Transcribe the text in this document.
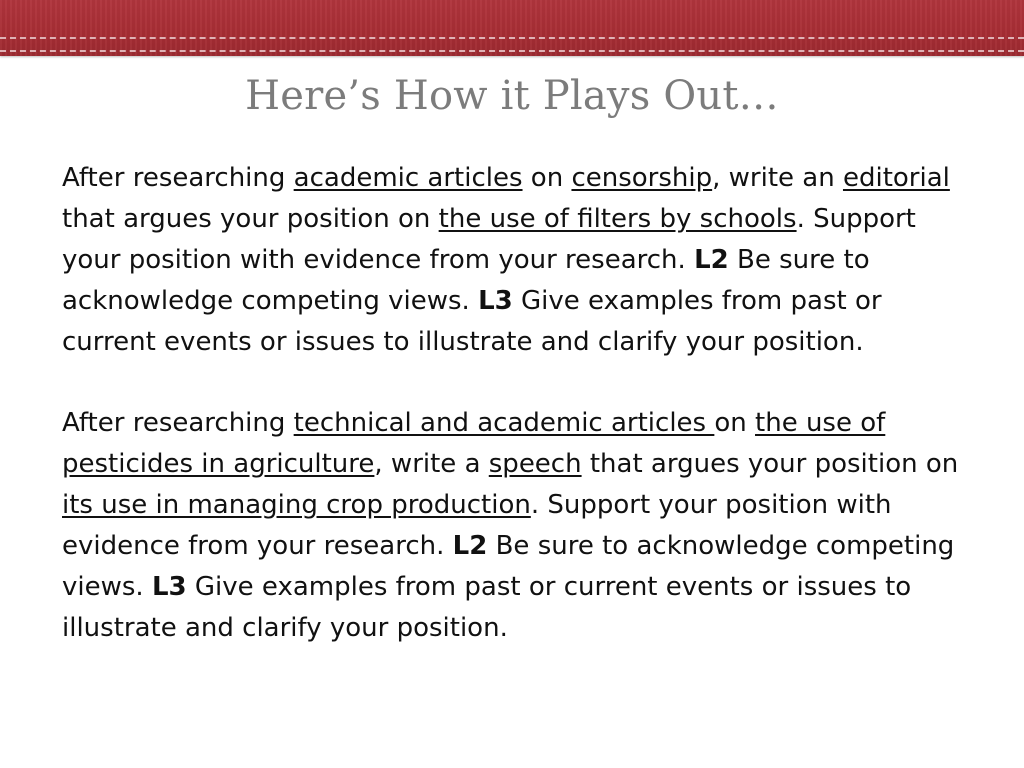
Here’s How it Plays Out…

After researching academic articles on censorship, write an editorial that argues your position on the use of filters by schools. Support your position with evidence from your research. L2 Be sure to acknowledge competing views. L3 Give examples from past or current events or issues to illustrate and clarify your position.

After researching technical and academic articles on the use of pesticides in agriculture, write a speech that argues your position on its use in managing crop production. Support your position with evidence from your research. L2 Be sure to acknowledge competing views. L3 Give examples from past or current events or issues to illustrate and clarify your position.
